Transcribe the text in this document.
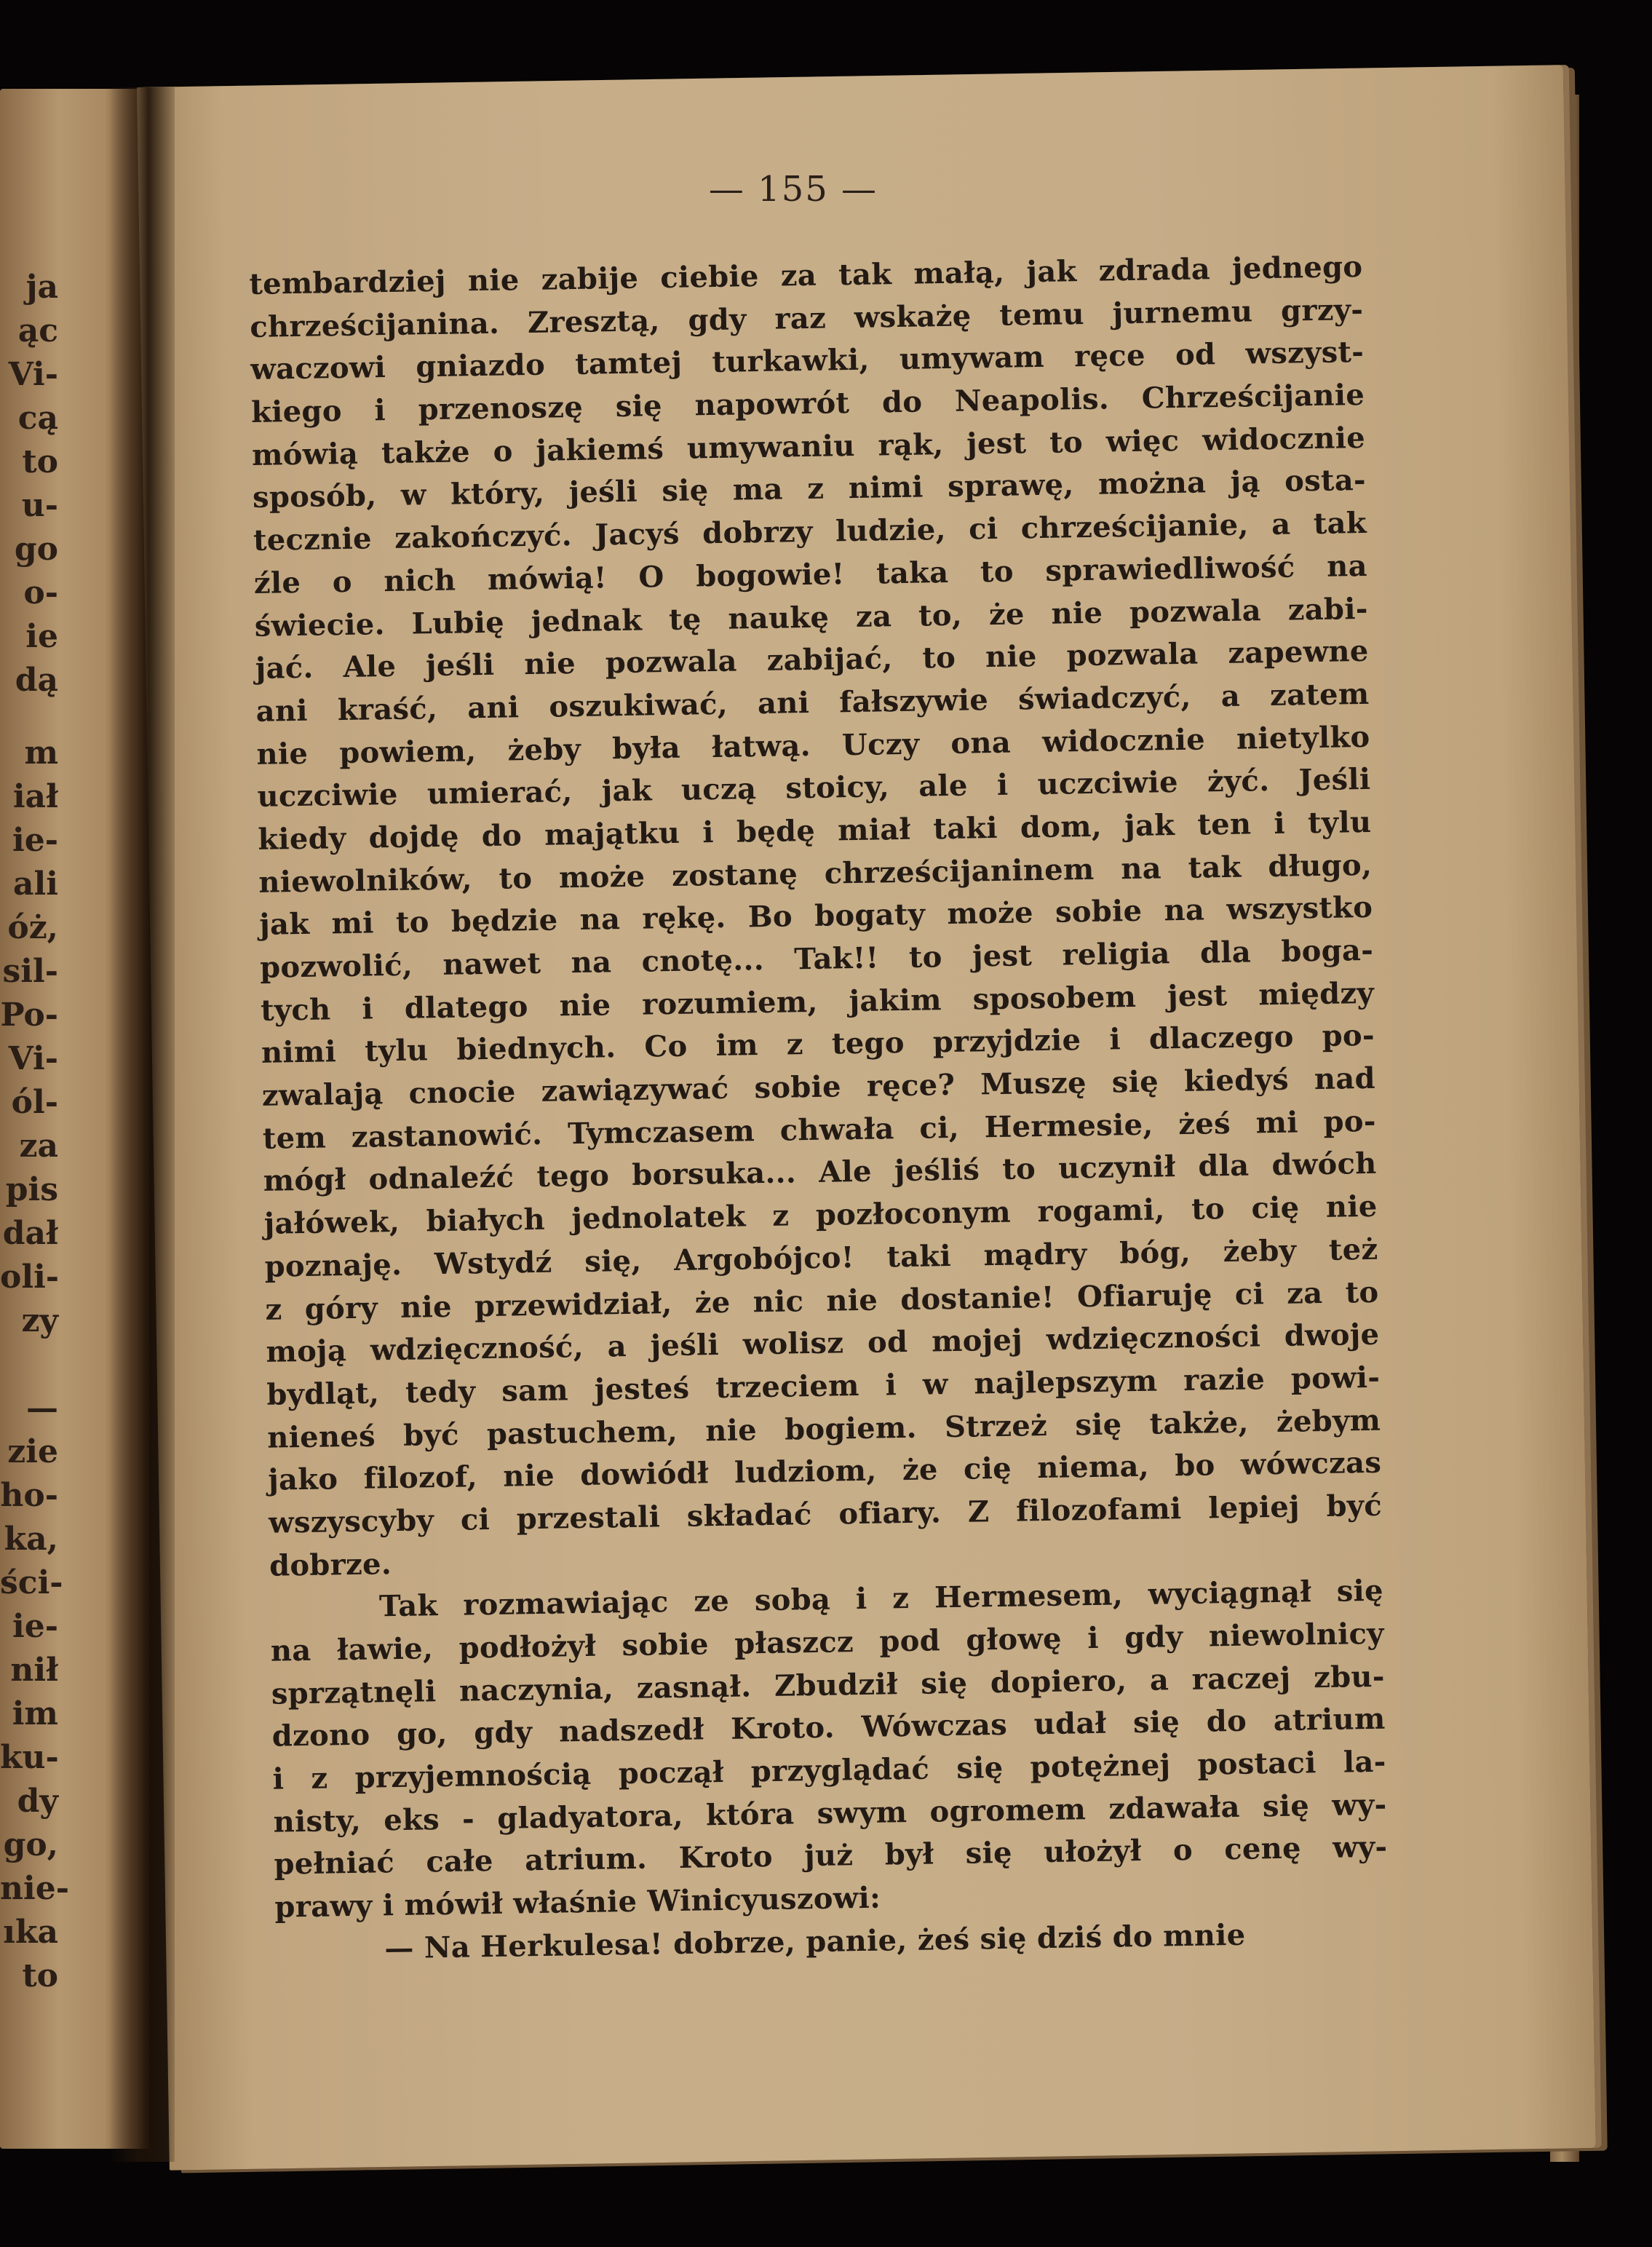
ja
ąc
Vi-
cą
to
u-
go
o-
ie
dą
m
iał
ie-
ali
óż,
sil-
Po-
Vi-
ól-
za
pis
dał
oli-
zy
—
zie
ho-
ka,
ści-
ie-
nił
im
ku-
dy
go,
nie-
ıka
to
— 155 —
tembardziej nie zabije ciebie za tak małą, jak zdrada jednego
chrześcijanina. Zresztą, gdy raz wskażę temu jurnemu grzy-
waczowi gniazdo tamtej turkawki, umywam ręce od wszyst-
kiego i przenoszę się napowrót do Neapolis. Chrześcijanie
mówią także o jakiemś umywaniu rąk, jest to więc widocznie
sposób, w który, jeśli się ma z nimi sprawę, można ją osta-
tecznie zakończyć. Jacyś dobrzy ludzie, ci chrześcijanie, a tak
źle o nich mówią! O bogowie! taka to sprawiedliwość na
świecie. Lubię jednak tę naukę za to, że nie pozwala zabi-
jać. Ale jeśli nie pozwala zabijać, to nie pozwala zapewne
ani kraść, ani oszukiwać, ani fałszywie świadczyć, a zatem
nie powiem, żeby była łatwą. Uczy ona widocznie nietylko
uczciwie umierać, jak uczą stoicy, ale i uczciwie żyć. Jeśli
kiedy dojdę do majątku i będę miał taki dom, jak ten i tylu
niewolników, to może zostanę chrześcijaninem na tak długo,
jak mi to będzie na rękę. Bo bogaty może sobie na wszystko
pozwolić, nawet na cnotę... Tak!! to jest religia dla boga-
tych i dlatego nie rozumiem, jakim sposobem jest między
nimi tylu biednych. Co im z tego przyjdzie i dlaczego po-
zwalają cnocie zawiązywać sobie ręce? Muszę się kiedyś nad
tem zastanowić. Tymczasem chwała ci, Hermesie, żeś mi po-
mógł odnaleźć tego borsuka... Ale jeśliś to uczynił dla dwóch
jałówek, białych jednolatek z pozłoconym rogami, to cię nie
poznaję. Wstydź się, Argobójco! taki mądry bóg, żeby też
z góry nie przewidział, że nic nie dostanie! Ofiaruję ci za to
moją wdzięczność, a jeśli wolisz od mojej wdzięczności dwoje
bydląt, tedy sam jesteś trzeciem i w najlepszym razie powi-
nieneś być pastuchem, nie bogiem. Strzeż się także, żebym
jako filozof, nie dowiódł ludziom, że cię niema, bo wówczas
wszyscyby ci przestali składać ofiary. Z filozofami lepiej być
dobrze.
Tak rozmawiając ze sobą i z Hermesem, wyciągnął się
na ławie, podłożył sobie płaszcz pod głowę i gdy niewolnicy
sprzątnęli naczynia, zasnął. Zbudził się dopiero, a raczej zbu-
dzono go, gdy nadszedł Kroto. Wówczas udał się do atrium
i z przyjemnością począł przyglądać się potężnej postaci la-
nisty, eks - gladyatora, która swym ogromem zdawała się wy-
pełniać całe atrium. Kroto już był się ułożył o cenę wy-
prawy i mówił właśnie Winicyuszowi:
— Na Herkulesa! dobrze, panie, żeś się dziś do mnie
